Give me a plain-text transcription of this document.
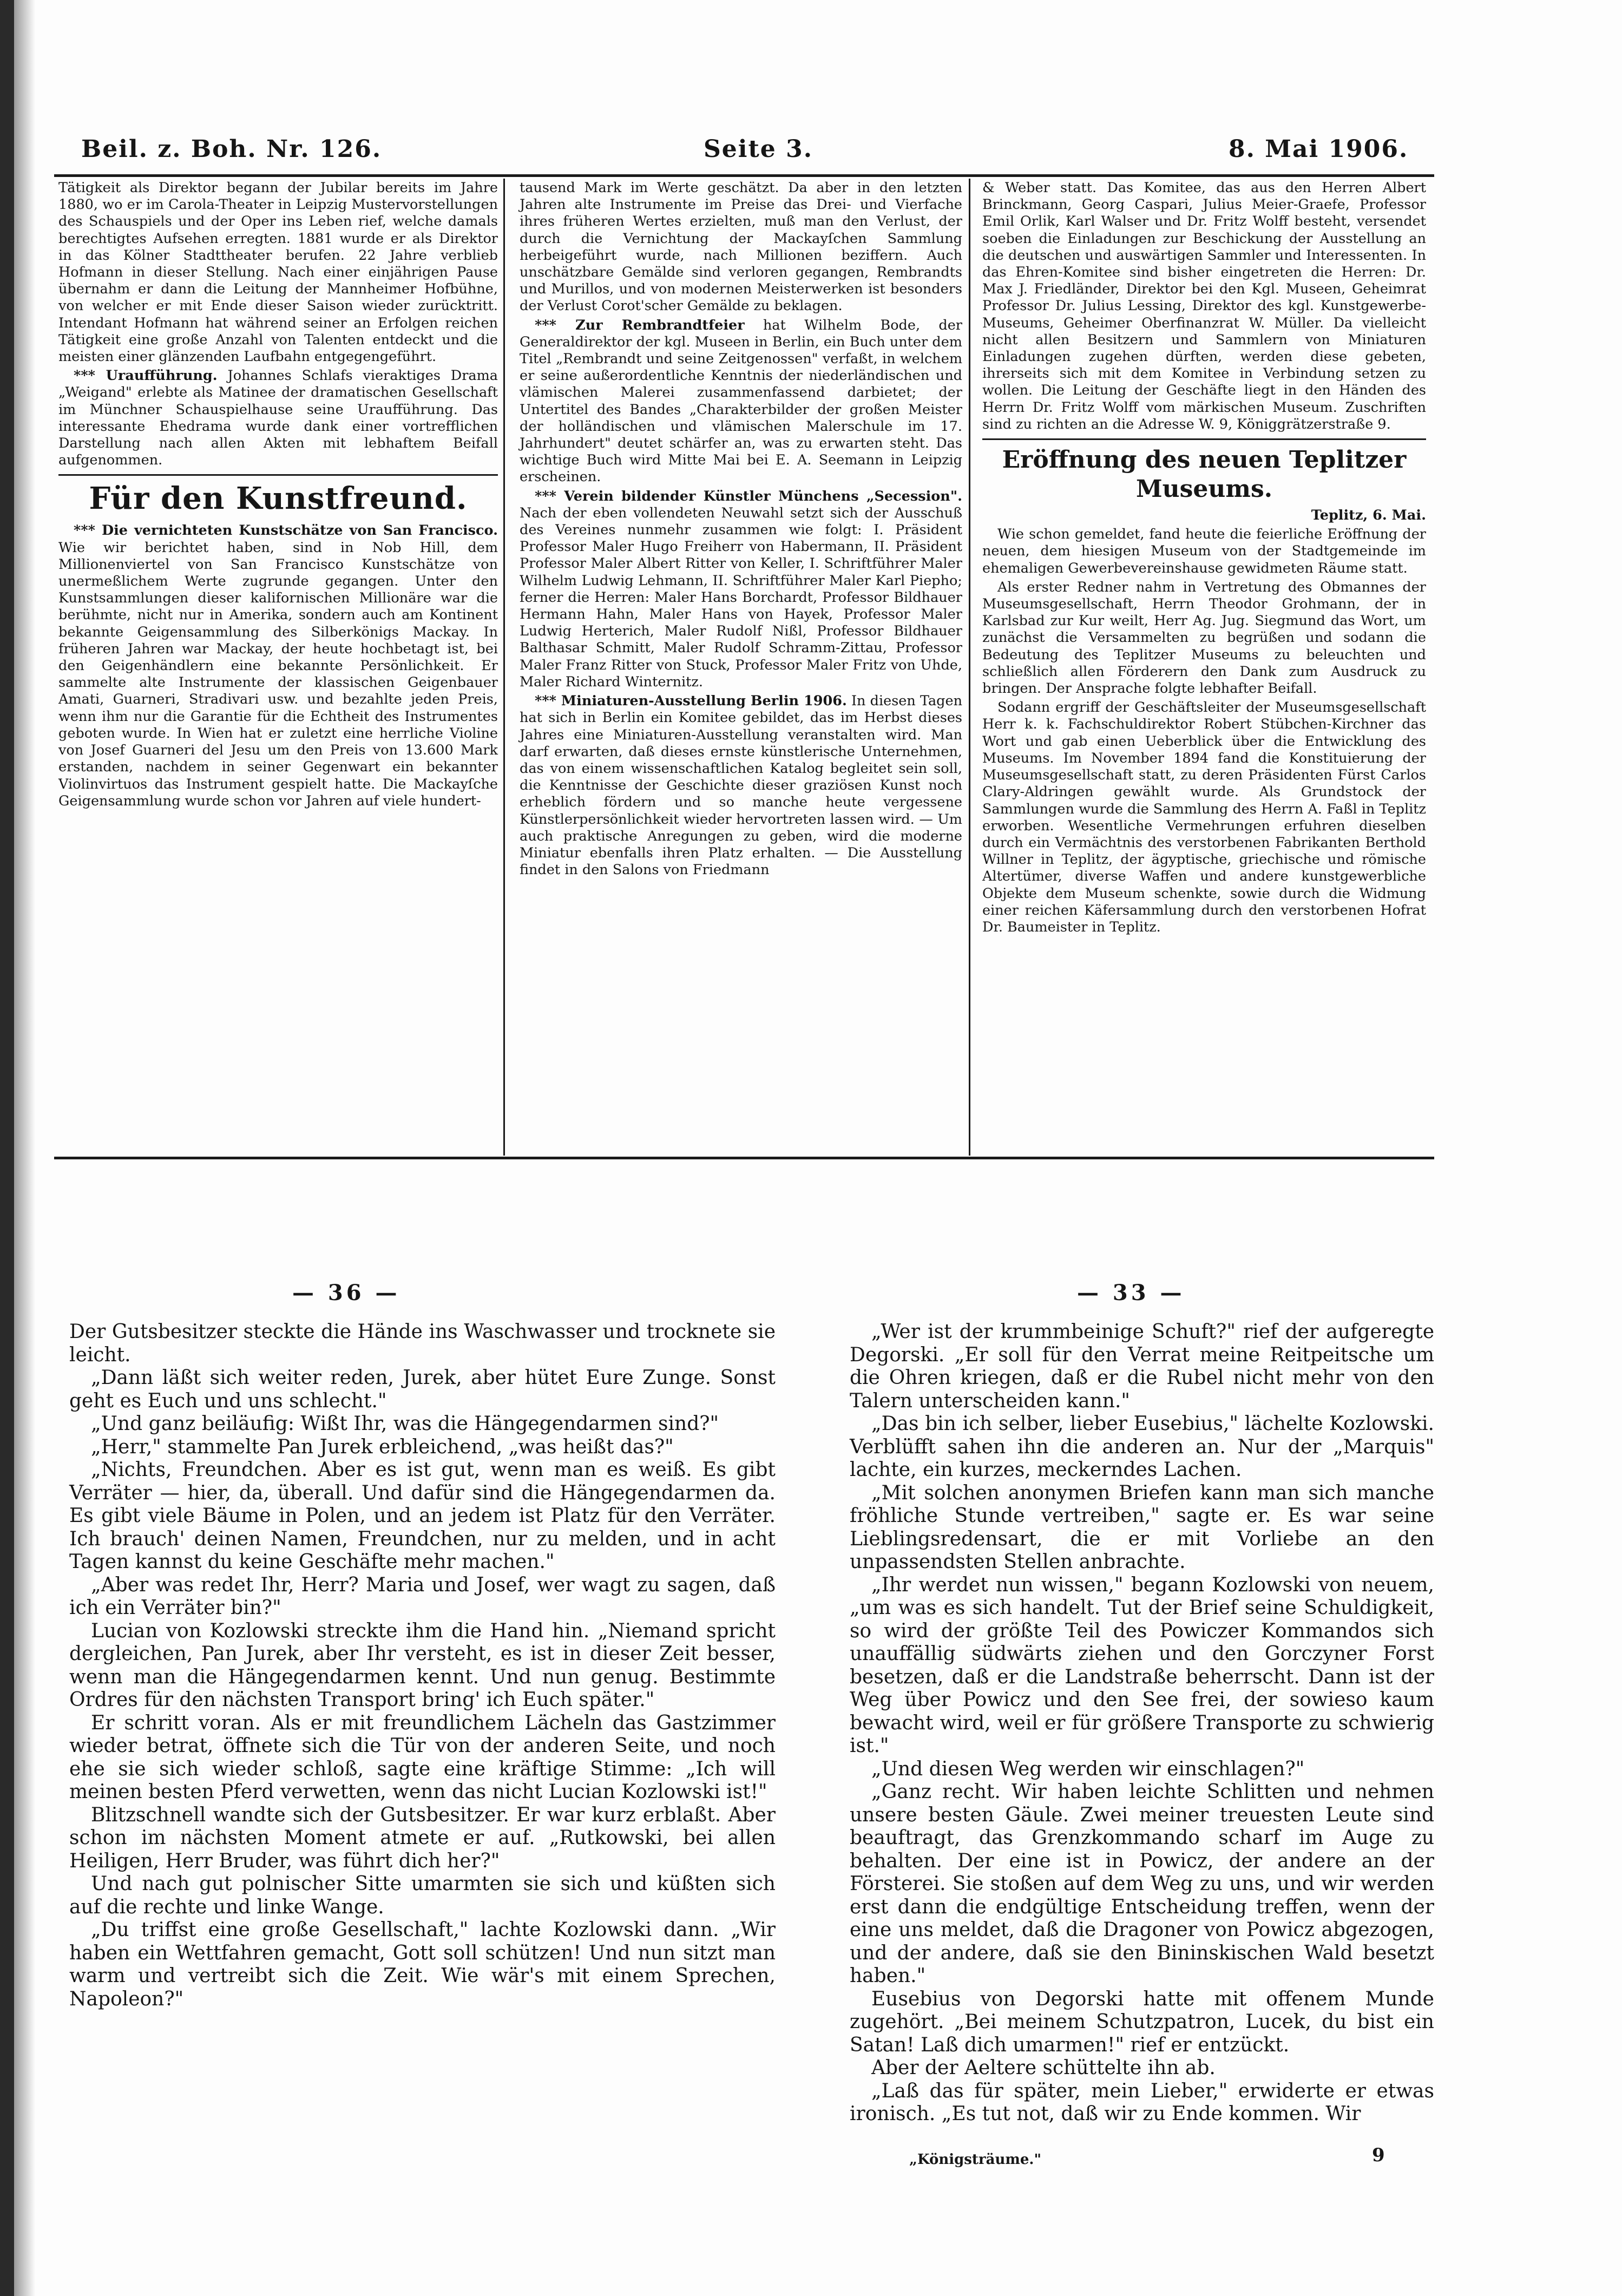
Beil. z. Boh. Nr. 126.	Seite 3.	8. Mai 1906.

Tätigkeit als Direktor begann der Jubilar bereits im Jahre 1880, wo er im Carola-Theater in Leipzig Mustervorstellungen des Schauspiels und der Oper ins Leben rief, welche damals berechtigtes Aufsehen erregten. 1881 wurde er als Direktor in das Kölner Stadttheater berufen. 22 Jahre verblieb Hofmann in dieser Stellung. Nach einer einjährigen Pause übernahm er dann die Leitung der Mannheimer Hofbühne, von welcher er mit Ende dieser Saison wieder zurücktritt. Intendant Hofmann hat während seiner an Erfolgen reichen Tätigkeit eine große Anzahl von Talenten entdeckt und die meisten einer glänzenden Laufbahn entgegengeführt.

*** Uraufführung. Johannes Schlafs vieraktiges Drama „Weigand" erlebte als Matinee der dramatischen Gesellschaft im Münchner Schauspielhause seine Uraufführung. Das interessante Ehedrama wurde dank einer vortrefflichen Darstellung nach allen Akten mit lebhaftem Beifall aufgenommen.

Für den Kunstfreund.

*** Die vernichteten Kunstschätze von San Francisco. Wie wir berichtet haben, sind in Nob Hill, dem Millionenviertel von San Francisco Kunstschätze von unermeßlichem Werte zugrunde gegangen. Unter den Kunstsammlungen dieser kalifornischen Millionäre war die berühmte, nicht nur in Amerika, sondern auch am Kontinent bekannte Geigensammlung des Silberkönigs Mackay. In früheren Jahren war Mackay, der heute hochbetagt ist, bei den Geigenhändlern eine bekannte Persönlichkeit. Er sammelte alte Instrumente der klassischen Geigenbauer Amati, Guarneri, Stradivari usw. und bezahlte jeden Preis, wenn ihm nur die Garantie für die Echtheit des Instrumentes geboten wurde. In Wien hat er zuletzt eine herrliche Violine von Josef Guarneri del Jesu um den Preis von 13.600 Mark erstanden, nachdem in seiner Gegenwart ein bekannter Violinvirtuos das Instrument gespielt hatte. Die Mackayſche Geigensammlung wurde schon vor Jahren auf viele hundert-

tausend Mark im Werte geschätzt. Da aber in den letzten Jahren alte Instrumente im Preise das Drei- und Vierfache ihres früheren Wertes erzielten, muß man den Verlust, der durch die Vernichtung der Mackayſchen Sammlung herbeigeführt wurde, nach Millionen beziffern. Auch unschätzbare Gemälde sind verloren gegangen, Rembrandts und Murillos, und von modernen Meisterwerken ist besonders der Verlust Corot'scher Gemälde zu beklagen.

*** Zur Rembrandtfeier hat Wilhelm Bode, der Generaldirektor der kgl. Museen in Berlin, ein Buch unter dem Titel „Rembrandt und seine Zeitgenossen" verfaßt, in welchem er seine außerordentliche Kenntnis der niederländischen und vlämischen Malerei zusammenfassend darbietet; der Untertitel des Bandes „Charakterbilder der großen Meister der holländischen und vlämischen Malerschule im 17. Jahrhundert" deutet schärfer an, was zu erwarten steht. Das wichtige Buch wird Mitte Mai bei E. A. Seemann in Leipzig erscheinen.

*** Verein bildender Künstler Münchens „Secession". Nach der eben vollendeten Neuwahl setzt sich der Ausschuß des Vereines nunmehr zusammen wie folgt: I. Präsident Professor Maler Hugo Freiherr von Habermann, II. Präsident Professor Maler Albert Ritter von Keller, I. Schriftführer Maler Wilhelm Ludwig Lehmann, II. Schriftführer Maler Karl Piepho; ferner die Herren: Maler Hans Borchardt, Professor Bildhauer Hermann Hahn, Maler Hans von Hayek, Professor Maler Ludwig Herterich, Maler Rudolf Nißl, Professor Bildhauer Balthasar Schmitt, Maler Rudolf Schramm-Zittau, Professor Maler Franz Ritter von Stuck, Professor Maler Fritz von Uhde, Maler Richard Winternitz.

*** Miniaturen-Ausstellung Berlin 1906. In diesen Tagen hat sich in Berlin ein Komitee gebildet, das im Herbst dieses Jahres eine Miniaturen-Ausstellung veranstalten wird. Man darf erwarten, daß dieses ernste künstlerische Unternehmen, das von einem wissenschaftlichen Katalog begleitet sein soll, die Kenntnisse der Geschichte dieser graziösen Kunst noch erheblich fördern und so manche heute vergessene Künstlerpersönlichkeit wieder hervortreten lassen wird. — Um auch praktische Anregungen zu geben, wird die moderne Miniatur ebenfalls ihren Platz erhalten. — Die Ausstellung findet in den Salons von Friedmann

& Weber statt. Das Komitee, das aus den Herren Albert Brinckmann, Georg Caspari, Julius Meier-Graefe, Professor Emil Orlik, Karl Walser und Dr. Fritz Wolff besteht, versendet soeben die Einladungen zur Beschickung der Ausstellung an die deutschen und auswärtigen Sammler und Interessenten. In das Ehren-Komitee sind bisher eingetreten die Herren: Dr. Max J. Friedländer, Direktor bei den Kgl. Museen, Geheimrat Professor Dr. Julius Lessing, Direktor des kgl. Kunstgewerbe-Museums, Geheimer Oberfinanzrat W. Müller. Da vielleicht nicht allen Besitzern und Sammlern von Miniaturen Einladungen zugehen dürften, werden diese gebeten, ihrerseits sich mit dem Komitee in Verbindung setzen zu wollen. Die Leitung der Geschäfte liegt in den Händen des Herrn Dr. Fritz Wolff vom märkischen Museum. Zuschriften sind zu richten an die Adresse W. 9, Königgrätzerstraße 9.

Eröffnung des neuen Teplitzer Museums.
Teplitz, 6. Mai.

Wie schon gemeldet, fand heute die feierliche Eröffnung der neuen, dem hiesigen Museum von der Stadtgemeinde im ehemaligen Gewerbevereinshause gewidmeten Räume statt.

Als erster Redner nahm in Vertretung des Obmannes der Museumsgesellschaft, Herrn Theodor Grohmann, der in Karlsbad zur Kur weilt, Herr Ag. Jug. Siegmund das Wort, um zunächst die Versammelten zu begrüßen und sodann die Bedeutung des Teplitzer Museums zu beleuchten und schließlich allen Förderern den Dank zum Ausdruck zu bringen. Der Ansprache folgte lebhafter Beifall.

Sodann ergriff der Geschäftsleiter der Museumsgesellschaft Herr k. k. Fachschuldirektor Robert Stübchen-Kirchner das Wort und gab einen Ueberblick über die Entwicklung des Museums. Im November 1894 fand die Konstituierung der Museumsgesellschaft statt, zu deren Präsidenten Fürst Carlos Clary-Aldringen gewählt wurde. Als Grundstock der Sammlungen wurde die Sammlung des Herrn A. Faßl in Teplitz erworben. Wesentliche Vermehrungen erfuhren dieselben durch ein Vermächtnis des verstorbenen Fabrikanten Berthold Willner in Teplitz, der ägyptische, griechische und römische Altertümer, diverse Waffen und andere kunstgewerbliche Objekte dem Museum schenkte, sowie durch die Widmung einer reichen Käfersammlung durch den verstorbenen Hofrat Dr. Baumeister in Teplitz.

— 36 —

Der Gutsbesitzer steckte die Hände ins Waschwasser und trocknete sie leicht.

„Dann läßt sich weiter reden, Jurek, aber hütet Eure Zunge. Sonst geht es Euch und uns schlecht."

„Und ganz beiläufig: Wißt Ihr, was die Hängegendarmen sind?"

„Herr," stammelte Pan Jurek erbleichend, „was heißt das?"

„Nichts, Freundchen. Aber es ist gut, wenn man es weiß. Es gibt Verräter — hier, da, überall. Und dafür sind die Hängegendarmen da. Es gibt viele Bäume in Polen, und an jedem ist Platz für den Verräter. Ich brauch' deinen Namen, Freundchen, nur zu melden, und in acht Tagen kannst du keine Geschäfte mehr machen."

„Aber was redet Ihr, Herr? Maria und Josef, wer wagt zu sagen, daß ich ein Verräter bin?"

Lucian von Kozlowski streckte ihm die Hand hin. „Niemand spricht dergleichen, Pan Jurek, aber Ihr versteht, es ist in dieser Zeit besser, wenn man die Hängegendarmen kennt. Und nun genug. Bestimmte Ordres für den nächsten Transport bring' ich Euch später."

Er schritt voran. Als er mit freundlichem Lächeln das Gastzimmer wieder betrat, öffnete sich die Tür von der anderen Seite, und noch ehe sie sich wieder schloß, sagte eine kräftige Stimme: „Ich will meinen besten Pferd verwetten, wenn das nicht Lucian Kozlowski ist!"

Blitzschnell wandte sich der Gutsbesitzer. Er war kurz erblaßt. Aber schon im nächsten Moment atmete er auf. „Rutkowski, bei allen Heiligen, Herr Bruder, was führt dich her?"

Und nach gut polnischer Sitte umarmten sie sich und küßten sich auf die rechte und linke Wange.

„Du triffst eine große Gesellschaft," lachte Kozlowski dann. „Wir haben ein Wettfahren gemacht, Gott soll schützen! Und nun sitzt man warm und vertreibt sich die Zeit. Wie wär's mit einem Sprechen, Napoleon?"

— 33 —

„Wer ist der krummbeinige Schuft?" rief der aufgeregte Degorski. „Er soll für den Verrat meine Reitpeitsche um die Ohren kriegen, daß er die Rubel nicht mehr von den Talern unterscheiden kann."

„Das bin ich selber, lieber Eusebius," lächelte Kozlowski. Verblüfft sahen ihn die anderen an. Nur der „Marquis" lachte, ein kurzes, meckerndes Lachen.

„Mit solchen anonymen Briefen kann man sich manche fröhliche Stunde vertreiben," sagte er. Es war seine Lieblingsredensart, die er mit Vorliebe an den unpassendsten Stellen anbrachte.

„Ihr werdet nun wissen," begann Kozlowski von neuem, „um was es sich handelt. Tut der Brief seine Schuldigkeit, so wird der größte Teil des Powiczer Kommandos sich unauffällig südwärts ziehen und den Gorczyner Forst besetzen, daß er die Landstraße beherrscht. Dann ist der Weg über Powicz und den See frei, der sowieso kaum bewacht wird, weil er für größere Transporte zu schwierig ist."

„Und diesen Weg werden wir einschlagen?"

„Ganz recht. Wir haben leichte Schlitten und nehmen unsere besten Gäule. Zwei meiner treuesten Leute sind beauftragt, das Grenzkommando scharf im Auge zu behalten. Der eine ist in Powicz, der andere an der Försterei. Sie stoßen auf dem Weg zu uns, und wir werden erst dann die endgültige Entscheidung treffen, wenn der eine uns meldet, daß die Dragoner von Powicz abgezogen, und der andere, daß sie den Bininskischen Wald besetzt haben."

Eusebius von Degorski hatte mit offenem Munde zugehört. „Bei meinem Schutzpatron, Lucek, du bist ein Satan! Laß dich umarmen!" rief er entzückt.

Aber der Aeltere schüttelte ihn ab.

„Laß das für später, mein Lieber," erwiderte er etwas ironisch. „Es tut not, daß wir zu Ende kommen. Wir

„Königsträume."	9
